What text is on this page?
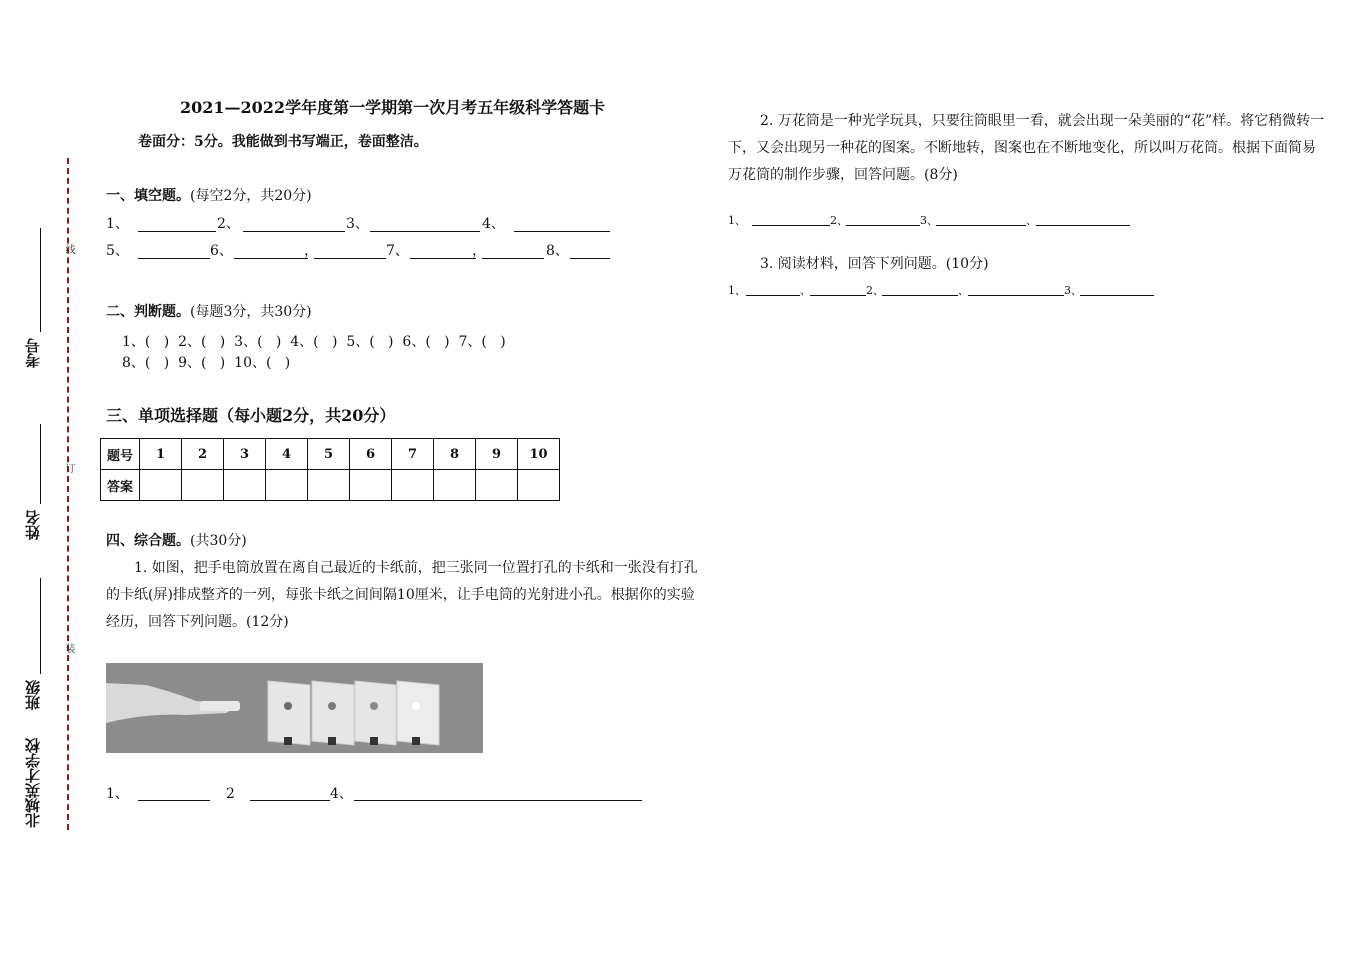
线
订
装
北城英才学校
班级
姓名
考号
2021—2022学年度第一学期第一次月考五年级科学答题卡
卷面分：5分。我能做到书写端正，卷面整洁。
一、填空题。(每空2分，共20分)
1、	2、	3、	4、
5、	6、	，	7、	，	8、
二、判断题。(每题3分，共30分)
1、(   )  2、(   )  3、(   )  4、(   )  5、(   )  6、(   )  7、(   )
8、(   )  9、(   )  10、(   )
三、单项选择题（每小题2分，共20分）
题号	1	2	3	4	5	6	7	8	9	10
答案										
四、综合题。(共30分)
1. 如图，把手电筒放置在离自己最近的卡纸前，把三张同一位置打孔的卡纸和一张没有打孔的卡纸(屏)排成整齐的一列，每张卡纸之间间隔10厘米，让手电筒的光射进小孔。根据你的实验经历，回答下列问题。(12分)
1、	2	4、
2. 万花筒是一种光学玩具，只要往筒眼里一看，就会出现一朵美丽的“花”样。将它稍微转一下，又会出现另一种花的图案。不断地转，图案也在不断地变化，所以叫万花筒。根据下面简易万花筒的制作步骤，回答问题。(8分)
1、	2、	3、	、
3. 阅读材料，回答下列问题。(10分)
1、	、	2、	、	3、
